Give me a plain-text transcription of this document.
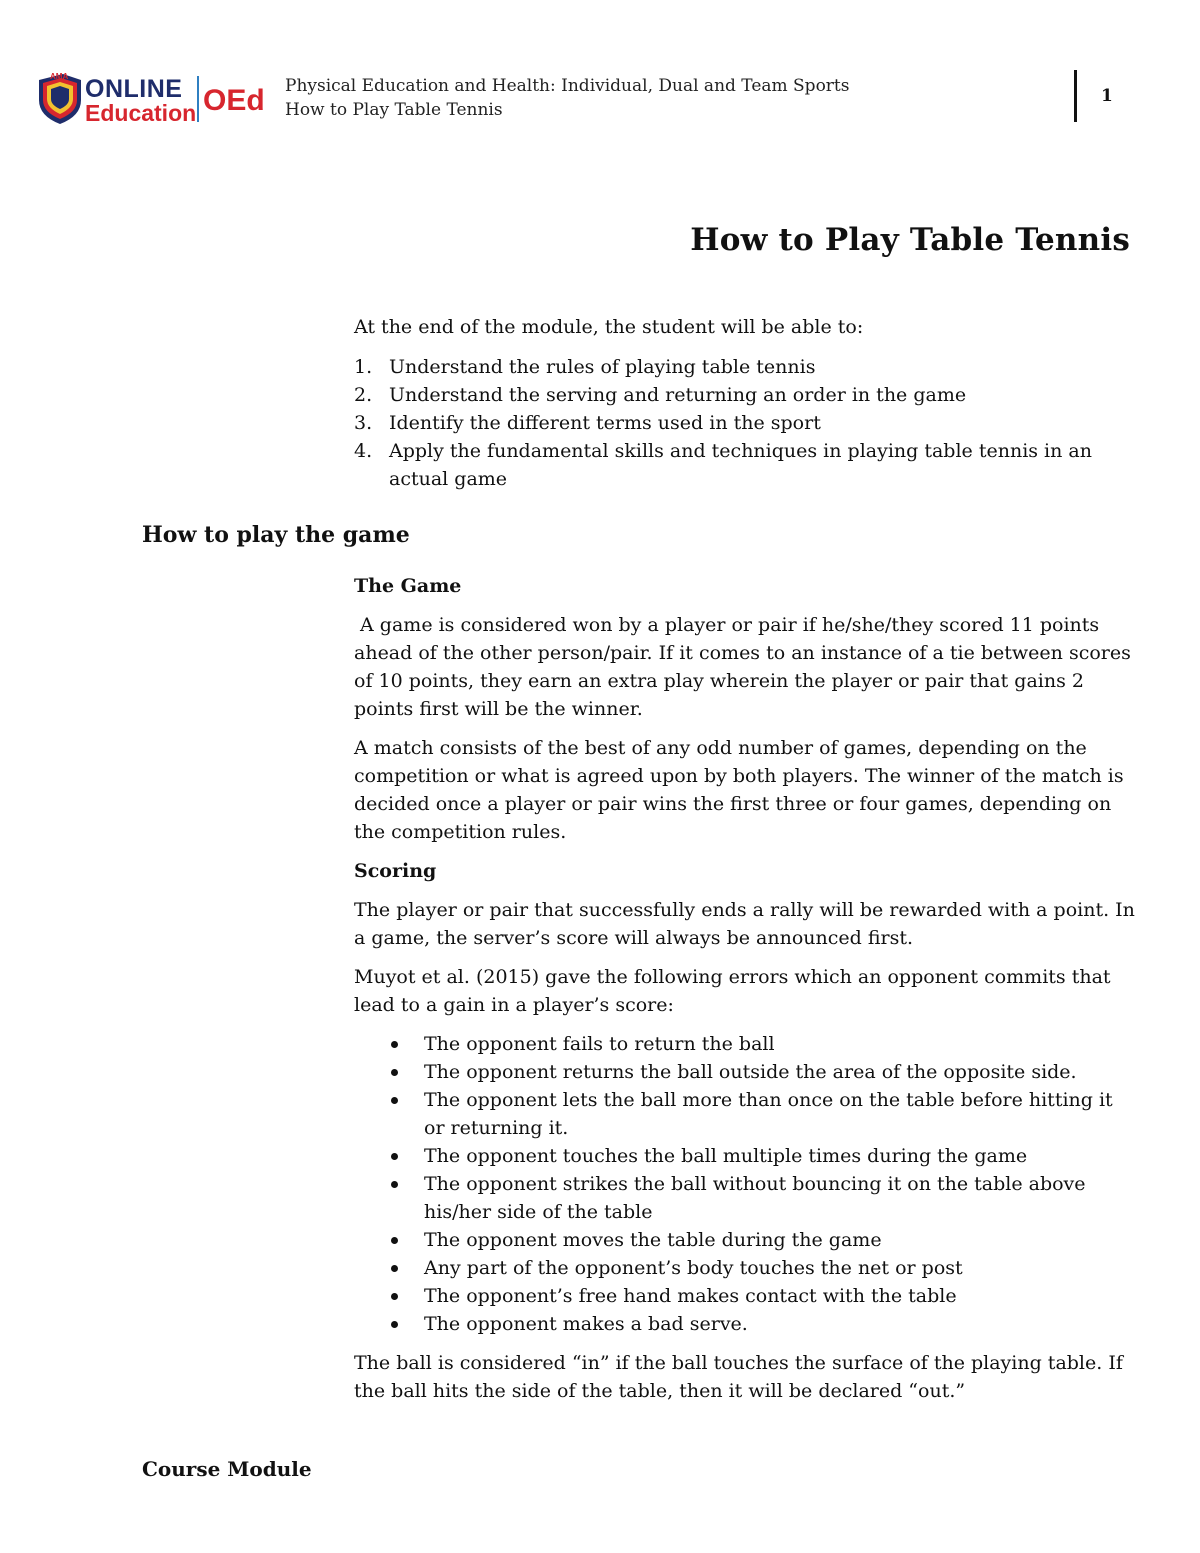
AMA ONLINE
Education OEd Physical Education and Health: Individual, Dual and Team Sports
How to Play Table Tennis
1
How to Play Table Tennis

At the end of the module, the student will be able to:

1. Understand the rules of playing table tennis
2. Understand the serving and returning an order in the game
3. Identify the different terms used in the sport
4. Apply the fundamental skills and techniques in playing table tennis in an actual game
How to play the game
The Game

A game is considered won by a player or pair if he/she/they scored 11 points ahead of the other person/pair. If it comes to an instance of a tie between scores of 10 points, they earn an extra play wherein the player or pair that gains 2 points first will be the winner.

A match consists of the best of any odd number of games, depending on the competition or what is agreed upon by both players. The winner of the match is decided once a player or pair wins the first three or four games, depending on the competition rules.

Scoring

The player or pair that successfully ends a rally will be rewarded with a point. In a game, the server’s score will always be announced first.

Muyot et al. (2015) gave the following errors which an opponent commits that lead to a gain in a player’s score:

The opponent fails to return the ball
The opponent returns the ball outside the area of the opposite side.
The opponent lets the ball more than once on the table before hitting it or returning it.
The opponent touches the ball multiple times during the game
The opponent strikes the ball without bouncing it on the table above his/her side of the table
The opponent moves the table during the game
Any part of the opponent’s body touches the net or post
The opponent’s free hand makes contact with the table
The opponent makes a bad serve.

The ball is considered “in” if the ball touches the surface of the playing table. If the ball hits the side of the table, then it will be declared “out.”

Course Module
